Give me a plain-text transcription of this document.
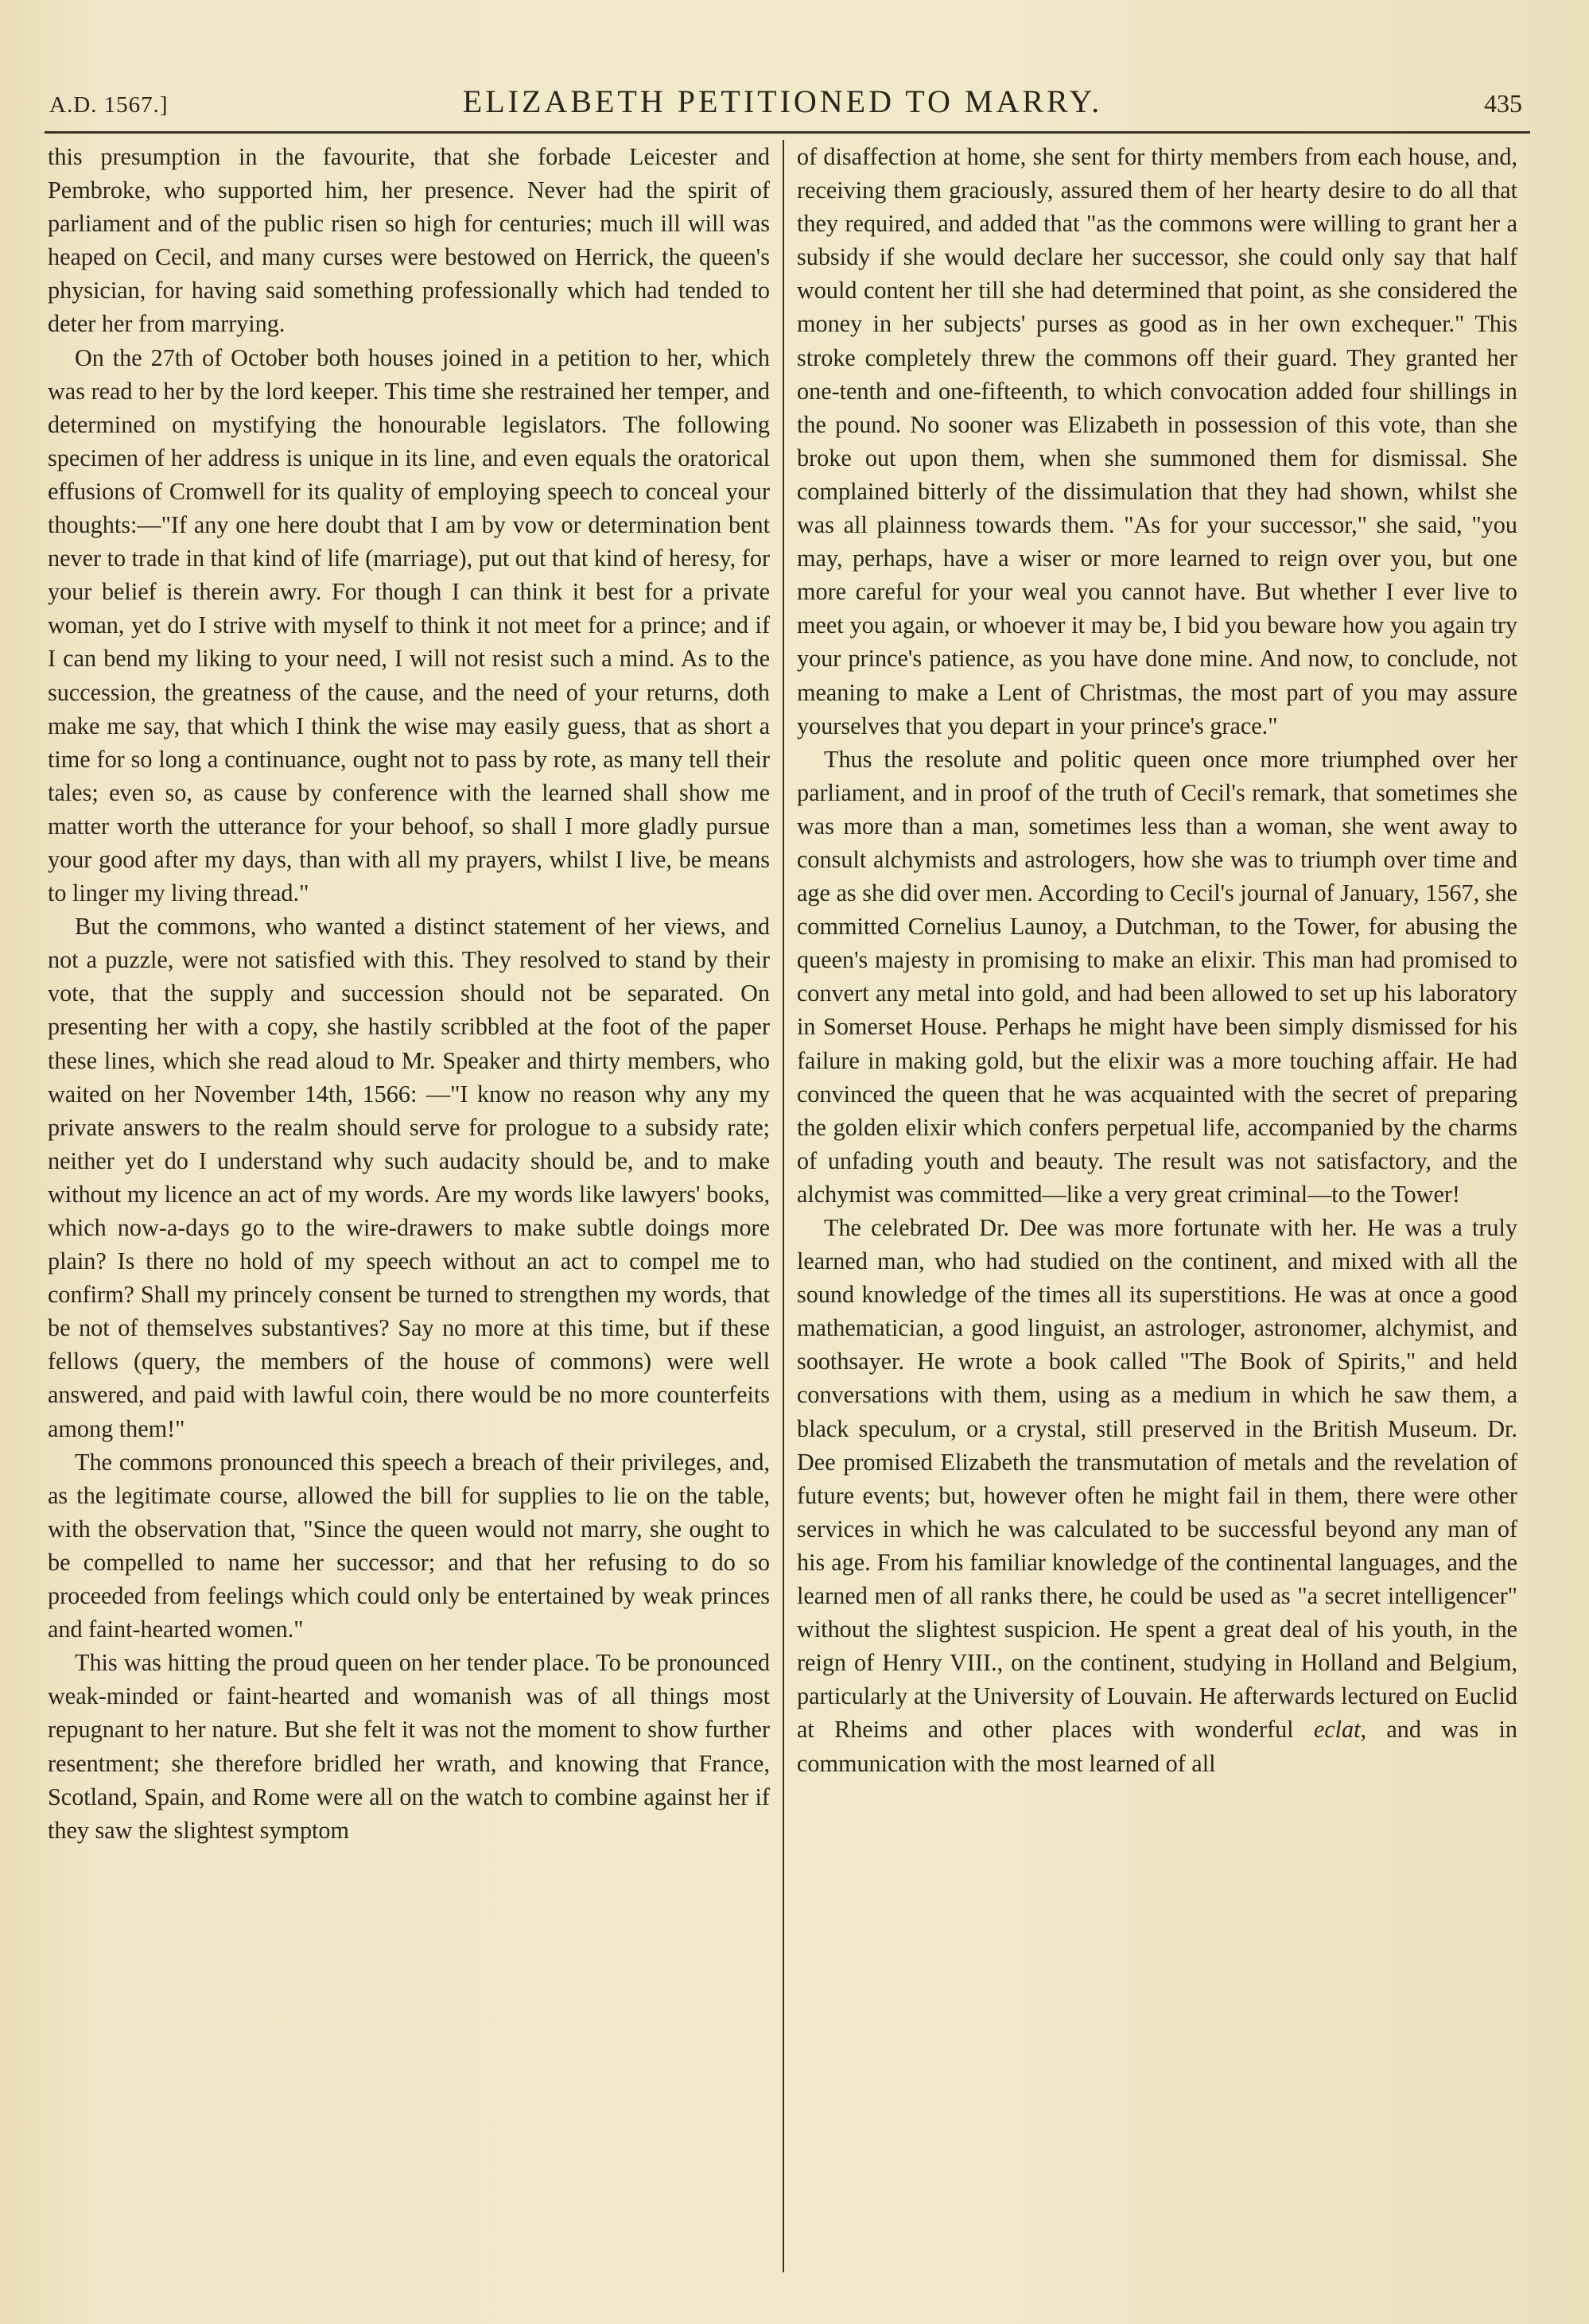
A.D. 1567.]	ELIZABETH PETITIONED TO MARRY.	435

this presumption in the favourite, that she forbade Leicester and Pembroke, who supported him, her presence. Never had the spirit of parliament and of the public risen so high for centuries; much ill will was heaped on Cecil, and many curses were bestowed on Herrick, the queen's physician, for having said something professionally which had tended to deter her from marrying.

On the 27th of October both houses joined in a petition to her, which was read to her by the lord keeper. This time she restrained her temper, and determined on mystifying the honourable legislators. The following specimen of her address is unique in its line, and even equals the oratorical effusions of Cromwell for its quality of employing speech to conceal your thoughts:—"If any one here doubt that I am by vow or determination bent never to trade in that kind of life (marriage), put out that kind of heresy, for your belief is therein awry. For though I can think it best for a private woman, yet do I strive with myself to think it not meet for a prince; and if I can bend my liking to your need, I will not resist such a mind. As to the succession, the greatness of the cause, and the need of your returns, doth make me say, that which I think the wise may easily guess, that as short a time for so long a continuance, ought not to pass by rote, as many tell their tales; even so, as cause by conference with the learned shall show me matter worth the utterance for your behoof, so shall I more gladly pursue your good after my days, than with all my prayers, whilst I live, be means to linger my living thread."

But the commons, who wanted a distinct statement of her views, and not a puzzle, were not satisfied with this. They resolved to stand by their vote, that the supply and succession should not be separated. On presenting her with a copy, she hastily scribbled at the foot of the paper these lines, which she read aloud to Mr. Speaker and thirty members, who waited on her November 14th, 1566: —"I know no reason why any my private answers to the realm should serve for prologue to a subsidy rate; neither yet do I understand why such audacity should be, and to make without my licence an act of my words. Are my words like lawyers' books, which now-a-days go to the wire-drawers to make subtle doings more plain? Is there no hold of my speech without an act to compel me to confirm? Shall my princely consent be turned to strengthen my words, that be not of themselves substantives? Say no more at this time, but if these fellows (query, the members of the house of commons) were well answered, and paid with lawful coin, there would be no more counterfeits among them!"

The commons pronounced this speech a breach of their privileges, and, as the legitimate course, allowed the bill for supplies to lie on the table, with the observation that, "Since the queen would not marry, she ought to be compelled to name her successor; and that her refusing to do so proceeded from feelings which could only be entertained by weak princes and faint-hearted women."

This was hitting the proud queen on her tender place. To be pronounced weak-minded or faint-hearted and womanish was of all things most repugnant to her nature. But she felt it was not the moment to show further resentment; she therefore bridled her wrath, and knowing that France, Scotland, Spain, and Rome were all on the watch to combine against her if they saw the slightest symptom

of disaffection at home, she sent for thirty members from each house, and, receiving them graciously, assured them of her hearty desire to do all that they required, and added that "as the commons were willing to grant her a subsidy if she would declare her successor, she could only say that half would content her till she had determined that point, as she considered the money in her subjects' purses as good as in her own exchequer." This stroke completely threw the commons off their guard. They granted her one-tenth and one-fifteenth, to which convocation added four shillings in the pound. No sooner was Elizabeth in possession of this vote, than she broke out upon them, when she summoned them for dismissal. She complained bitterly of the dissimulation that they had shown, whilst she was all plainness towards them. "As for your successor," she said, "you may, perhaps, have a wiser or more learned to reign over you, but one more careful for your weal you cannot have. But whether I ever live to meet you again, or whoever it may be, I bid you beware how you again try your prince's patience, as you have done mine. And now, to conclude, not meaning to make a Lent of Christmas, the most part of you may assure yourselves that you depart in your prince's grace."

Thus the resolute and politic queen once more triumphed over her parliament, and in proof of the truth of Cecil's remark, that sometimes she was more than a man, sometimes less than a woman, she went away to consult alchymists and astrologers, how she was to triumph over time and age as she did over men. According to Cecil's journal of January, 1567, she committed Cornelius Launoy, a Dutchman, to the Tower, for abusing the queen's majesty in promising to make an elixir. This man had promised to convert any metal into gold, and had been allowed to set up his laboratory in Somerset House. Perhaps he might have been simply dismissed for his failure in making gold, but the elixir was a more touching affair. He had convinced the queen that he was acquainted with the secret of preparing the golden elixir which confers perpetual life, accompanied by the charms of unfading youth and beauty. The result was not satisfactory, and the alchymist was committed—like a very great criminal—to the Tower!

The celebrated Dr. Dee was more fortunate with her. He was a truly learned man, who had studied on the continent, and mixed with all the sound knowledge of the times all its superstitions. He was at once a good mathematician, a good linguist, an astrologer, astronomer, alchymist, and soothsayer. He wrote a book called "The Book of Spirits," and held conversations with them, using as a medium in which he saw them, a black speculum, or a crystal, still preserved in the British Museum. Dr. Dee promised Elizabeth the transmutation of metals and the revelation of future events; but, however often he might fail in them, there were other services in which he was calculated to be successful beyond any man of his age. From his familiar knowledge of the continental languages, and the learned men of all ranks there, he could be used as "a secret intelligencer" without the slightest suspicion. He spent a great deal of his youth, in the reign of Henry VIII., on the continent, studying in Holland and Belgium, particularly at the University of Louvain. He afterwards lectured on Euclid at Rheims and other places with wonderful eclat, and was in communication with the most learned of all
